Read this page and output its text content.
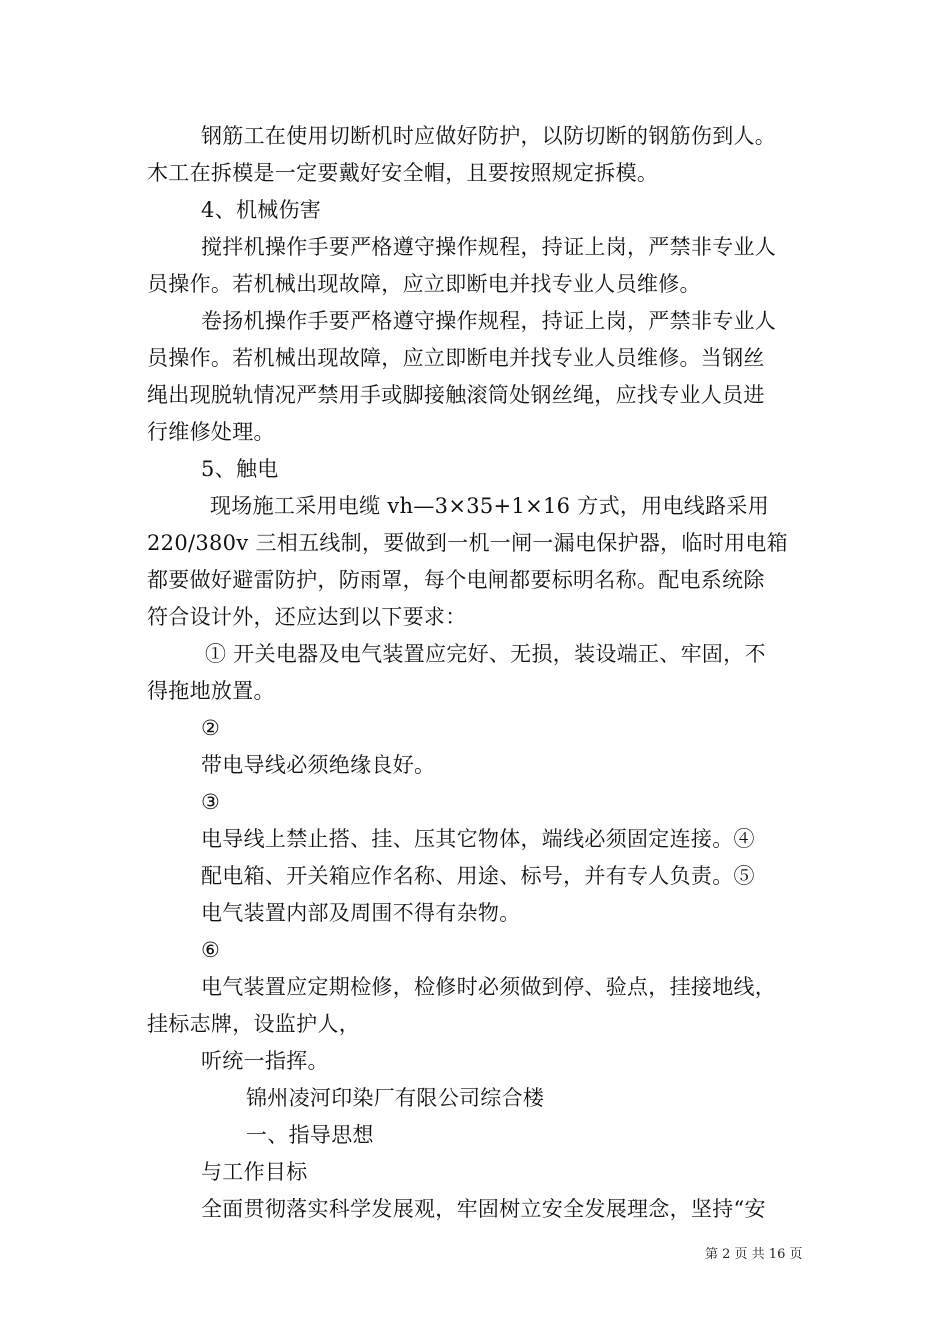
钢筋工在使用切断机时应做好防护，以防切断的钢筋伤到人。
木工在拆模是一定要戴好安全帽，且要按照规定拆模。
4、机械伤害
搅拌机操作手要严格遵守操作规程，持证上岗，严禁非专业人
员操作。若机械出现故障，应立即断电并找专业人员维修。
卷扬机操作手要严格遵守操作规程，持证上岗，严禁非专业人
员操作。若机械出现故障，应立即断电并找专业人员维修。当钢丝
绳出现脱轨情况严禁用手或脚接触滚筒处钢丝绳，应找专业人员进
行维修处理。
5、触电
现场施工采用电缆 vh—3×35+1×16 方式，用电线路采用
220/380v 三相五线制，要做到一机一闸一漏电保护器，临时用电箱
都要做好避雷防护，防雨罩，每个电闸都要标明名称。配电系统除
符合设计外，还应达到以下要求：
① 开关电器及电气装置应完好、无损，装设端正、牢固，不
得拖地放置。
②
带电导线必须绝缘良好。
③
电导线上禁止搭、挂、压其它物体，端线必须固定连接。④
配电箱、开关箱应作名称、用途、标号，并有专人负责。⑤
电气装置内部及周围不得有杂物。
⑥
电气装置应定期检修，检修时必须做到停、验点，挂接地线，
挂标志牌，设监护人，
听统一指挥。
锦州凌河印染厂有限公司综合楼
一、指导思想
与工作目标
全面贯彻落实科学发展观，牢固树立安全发展理念，坚持“安
第 2 页 共 16 页
